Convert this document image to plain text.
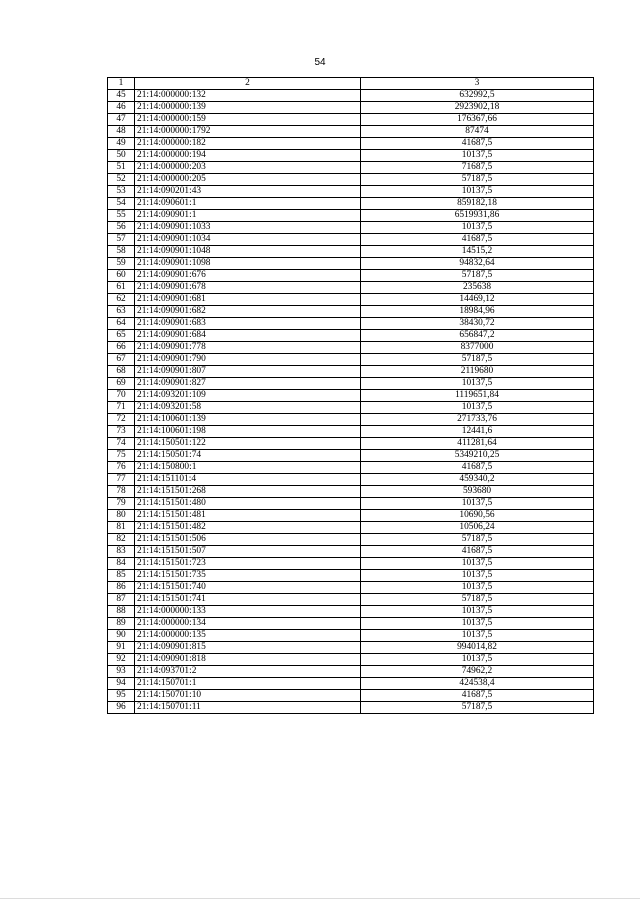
54
1	2	3
45	21:14:000000:132	632992,5
46	21:14:000000:139	2923902,18
47	21:14:000000:159	176367,66
48	21:14:000000:1792	87474
49	21:14:000000:182	41687,5
50	21:14:000000:194	10137,5
51	21:14:000000:203	71687,5
52	21:14:000000:205	57187,5
53	21:14:090201:43	10137,5
54	21:14:090601:1	859182,18
55	21:14:090901:1	6519931,86
56	21:14:090901:1033	10137,5
57	21:14:090901:1034	41687,5
58	21:14:090901:1048	14515,2
59	21:14:090901:1098	94832,64
60	21:14:090901:676	57187,5
61	21:14:090901:678	235638
62	21:14:090901:681	14469,12
63	21:14:090901:682	18984,96
64	21:14:090901:683	38430,72
65	21:14:090901:684	656847,2
66	21:14:090901:778	8377000
67	21:14:090901:790	57187,5
68	21:14:090901:807	2119680
69	21:14:090901:827	10137,5
70	21:14:093201:109	1119651,84
71	21:14:093201:58	10137,5
72	21:14:100601:139	271733,76
73	21:14:100601:198	12441,6
74	21:14:150501:122	411281,64
75	21:14:150501:74	5349210,25
76	21:14:150800:1	41687,5
77	21:14:151101:4	459340,2
78	21:14:151501:268	593680
79	21:14:151501:480	10137,5
80	21:14:151501:481	10690,56
81	21:14:151501:482	10506,24
82	21:14:151501:506	57187,5
83	21:14:151501:507	41687,5
84	21:14:151501:723	10137,5
85	21:14:151501:735	10137,5
86	21:14:151501:740	10137,5
87	21:14:151501:741	57187,5
88	21:14:000000:133	10137,5
89	21:14:000000:134	10137,5
90	21:14:000000:135	10137,5
91	21:14:090901:815	994014,82
92	21:14:090901:818	10137,5
93	21:14:093701:2	74962,2
94	21:14:150701:1	424538,4
95	21:14:150701:10	41687,5
96	21:14:150701:11	57187,5
